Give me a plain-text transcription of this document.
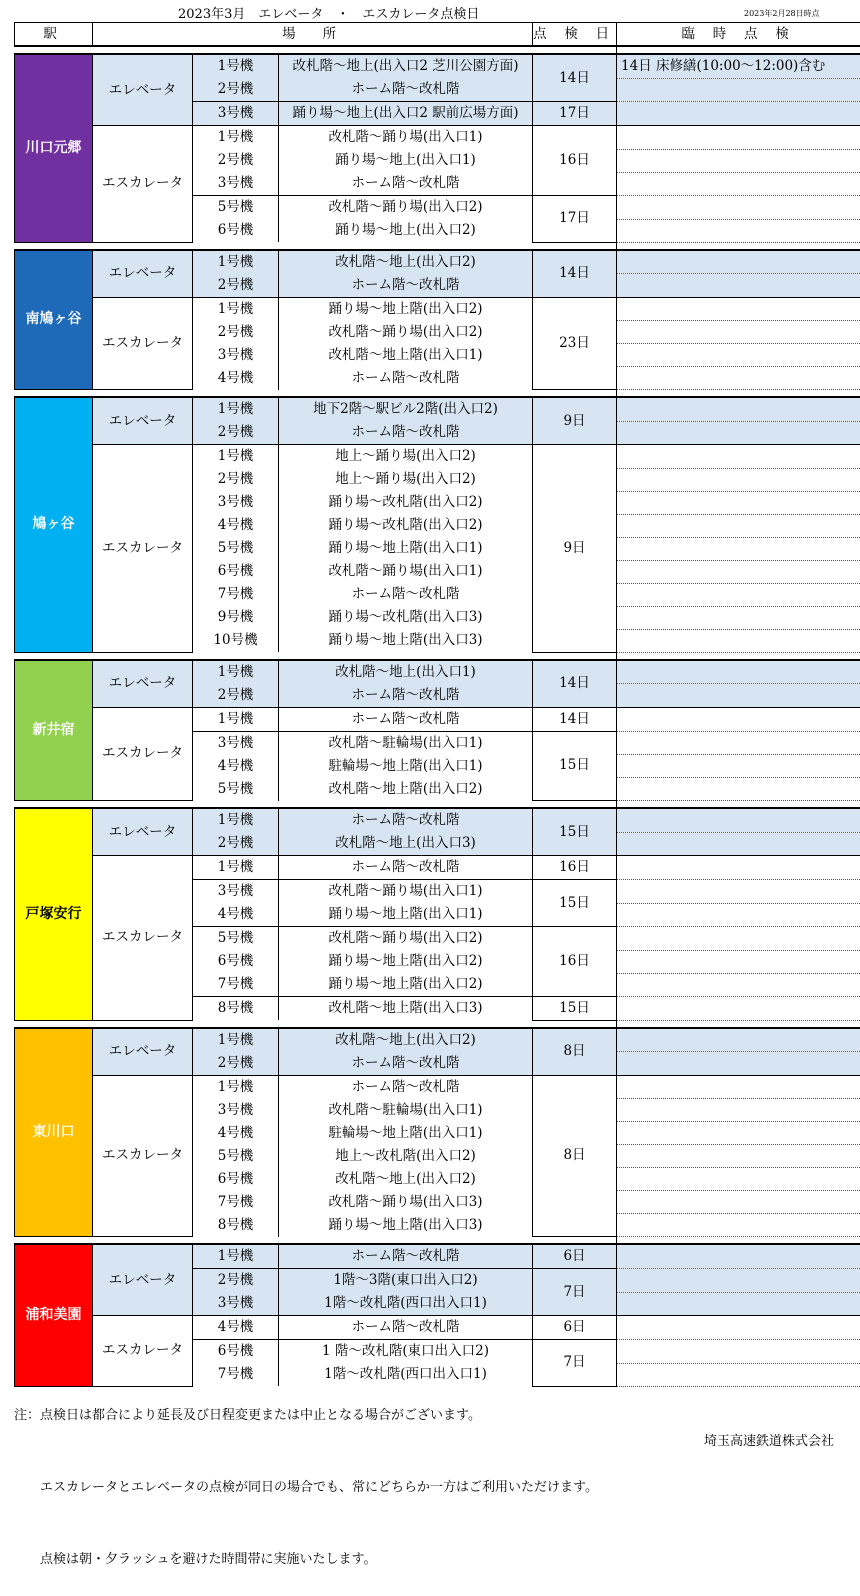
2023年3月　エレベータ　・　エスカレータ点検日	2023年2月28日時点
駅	場　所			点 検 日	臨 時 点 検

川口元郷	エレベータ	1号機	改札階～地上(出入口2 芝川公園方面)	14日	14日 床修繕(10:00～12:00)含む
		2号機	ホーム階～改札階		
		3号機	踊り場～地上(出入口2 駅前広場方面)	17日	
	エスカレータ	1号機	改札階～踊り場(出入口1)	16日	
		2号機	踊り場～地上(出入口1)		
		3号機	ホーム階～改札階		
		5号機	改札階～踊り場(出入口2)	17日	
		6号機	踊り場～地上(出入口2)		

南鳩ヶ谷	エレベータ	1号機	改札階～地上(出入口2)	14日	
		2号機	ホーム階～改札階		
	エスカレータ	1号機	踊り場～地上階(出入口2)	23日	
		2号機	改札階～踊り場(出入口2)		
		3号機	改札階～地上階(出入口1)		
		4号機	ホーム階～改札階		

鳩ヶ谷	エレベータ	1号機	地下2階～駅ビル2階(出入口2)	9日	
		2号機	ホーム階～改札階		
	エスカレータ	1号機	地上～踊り場(出入口2)	9日	
		2号機	地上～踊り場(出入口2)		
		3号機	踊り場～改札階(出入口2)		
		4号機	踊り場～改札階(出入口2)		
		5号機	踊り場～地上階(出入口1)		
		6号機	改札階～踊り場(出入口1)		
		7号機	ホーム階～改札階		
		9号機	踊り場～改札階(出入口3)		
		10号機	踊り場～地上階(出入口3)		

新井宿	エレベータ	1号機	改札階～地上(出入口1)	14日	
		2号機	ホーム階～改札階		
	エスカレータ	1号機	ホーム階～改札階	14日	
		3号機	改札階～駐輪場(出入口1)	15日	
		4号機	駐輪場～地上階(出入口1)		
		5号機	改札階～地上階(出入口2)		

戸塚安行	エレベータ	1号機	ホーム階～改札階	15日	
		2号機	改札階～地上(出入口3)		
	エスカレータ	1号機	ホーム階～改札階	16日	
		3号機	改札階～踊り場(出入口1)	15日	
		4号機	踊り場～地上階(出入口1)		
		5号機	改札階～踊り場(出入口2)	16日	
		6号機	踊り場～地上階(出入口2)		
		7号機	踊り場～地上階(出入口2)		
		8号機	改札階～地上階(出入口3)	15日	

東川口	エレベータ	1号機	改札階～地上(出入口2)	8日	
		2号機	ホーム階～改札階		
	エスカレータ	1号機	ホーム階～改札階	8日	
		3号機	改札階～駐輪場(出入口1)		
		4号機	駐輪場～地上階(出入口1)		
		5号機	地上～改札階(出入口2)		
		6号機	改札階～地上(出入口2)		
		7号機	改札階～踊り場(出入口3)		
		8号機	踊り場～地上階(出入口3)		

浦和美園	エレベータ	1号機	ホーム階～改札階	6日	
		2号機	1階～3階(東口出入口2)	7日	
		3号機	1階～改札階(西口出入口1)		
	エスカレータ	4号機	ホーム階～改札階	6日	
		6号機	1 階～改札階(東口出入口2)	7日	
		7号機	1階～改札階(西口出入口1)		

注：点検日は都合により延長及び日程変更または中止となる場合がございます。

　　エスカレータとエレベータの点検が同日の場合でも、常にどちらか一方はご利用いただけます。

　　点検は朝・夕ラッシュを避けた時間帯に実施いたします。

埼玉高速鉄道株式会社
